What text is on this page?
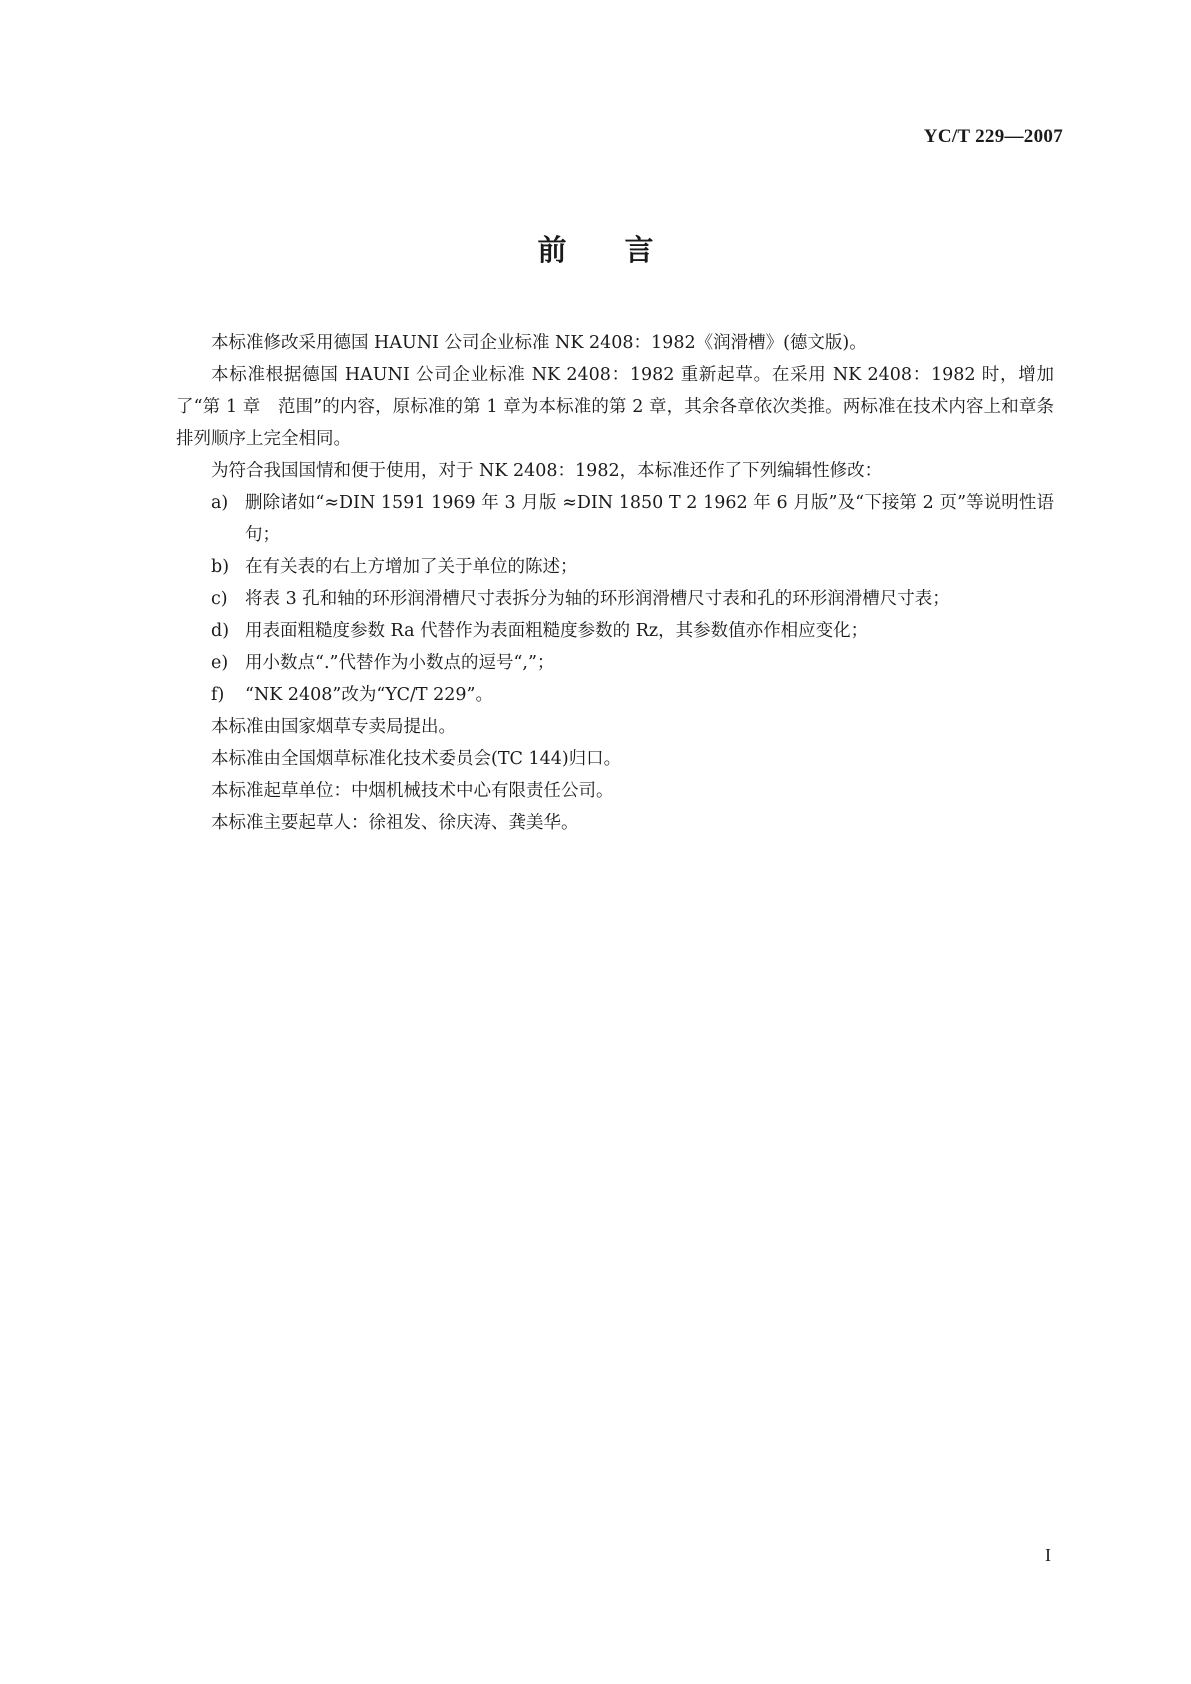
YC/T 229—2007
前言

本标准修改采用德国 HAUNI 公司企业标准 NK 2408：1982《润滑槽》(德文版)。

本标准根据德国 HAUNI 公司企业标准 NK 2408：1982 重新起草。在采用 NK 2408：1982 时，增加了“第 1 章　范围”的内容，原标准的第 1 章为本标准的第 2 章，其余各章依次类推。两标准在技术内容上和章条排列顺序上完全相同。

为符合我国国情和便于使用，对于 NK 2408：1982，本标准还作了下列编辑性修改：

a) 删除诸如“≈DIN 1591 1969 年 3 月版 ≈DIN 1850 T 2 1962 年 6 月版”及“下接第 2 页”等说明性语句；
b) 在有关表的右上方增加了关于单位的陈述；
c) 将表 3 孔和轴的环形润滑槽尺寸表拆分为轴的环形润滑槽尺寸表和孔的环形润滑槽尺寸表；
d) 用表面粗糙度参数 Ra 代替作为表面粗糙度参数的 Rz，其参数值亦作相应变化；
e) 用小数点“.”代替作为小数点的逗号“,”；
f)	“NK 2408”改为“YC/T 229”。

本标准由国家烟草专卖局提出。

本标准由全国烟草标准化技术委员会(TC 144)归口。

本标准起草单位：中烟机械技术中心有限责任公司。

本标准主要起草人：徐祖发、徐庆涛、龚美华。

I
